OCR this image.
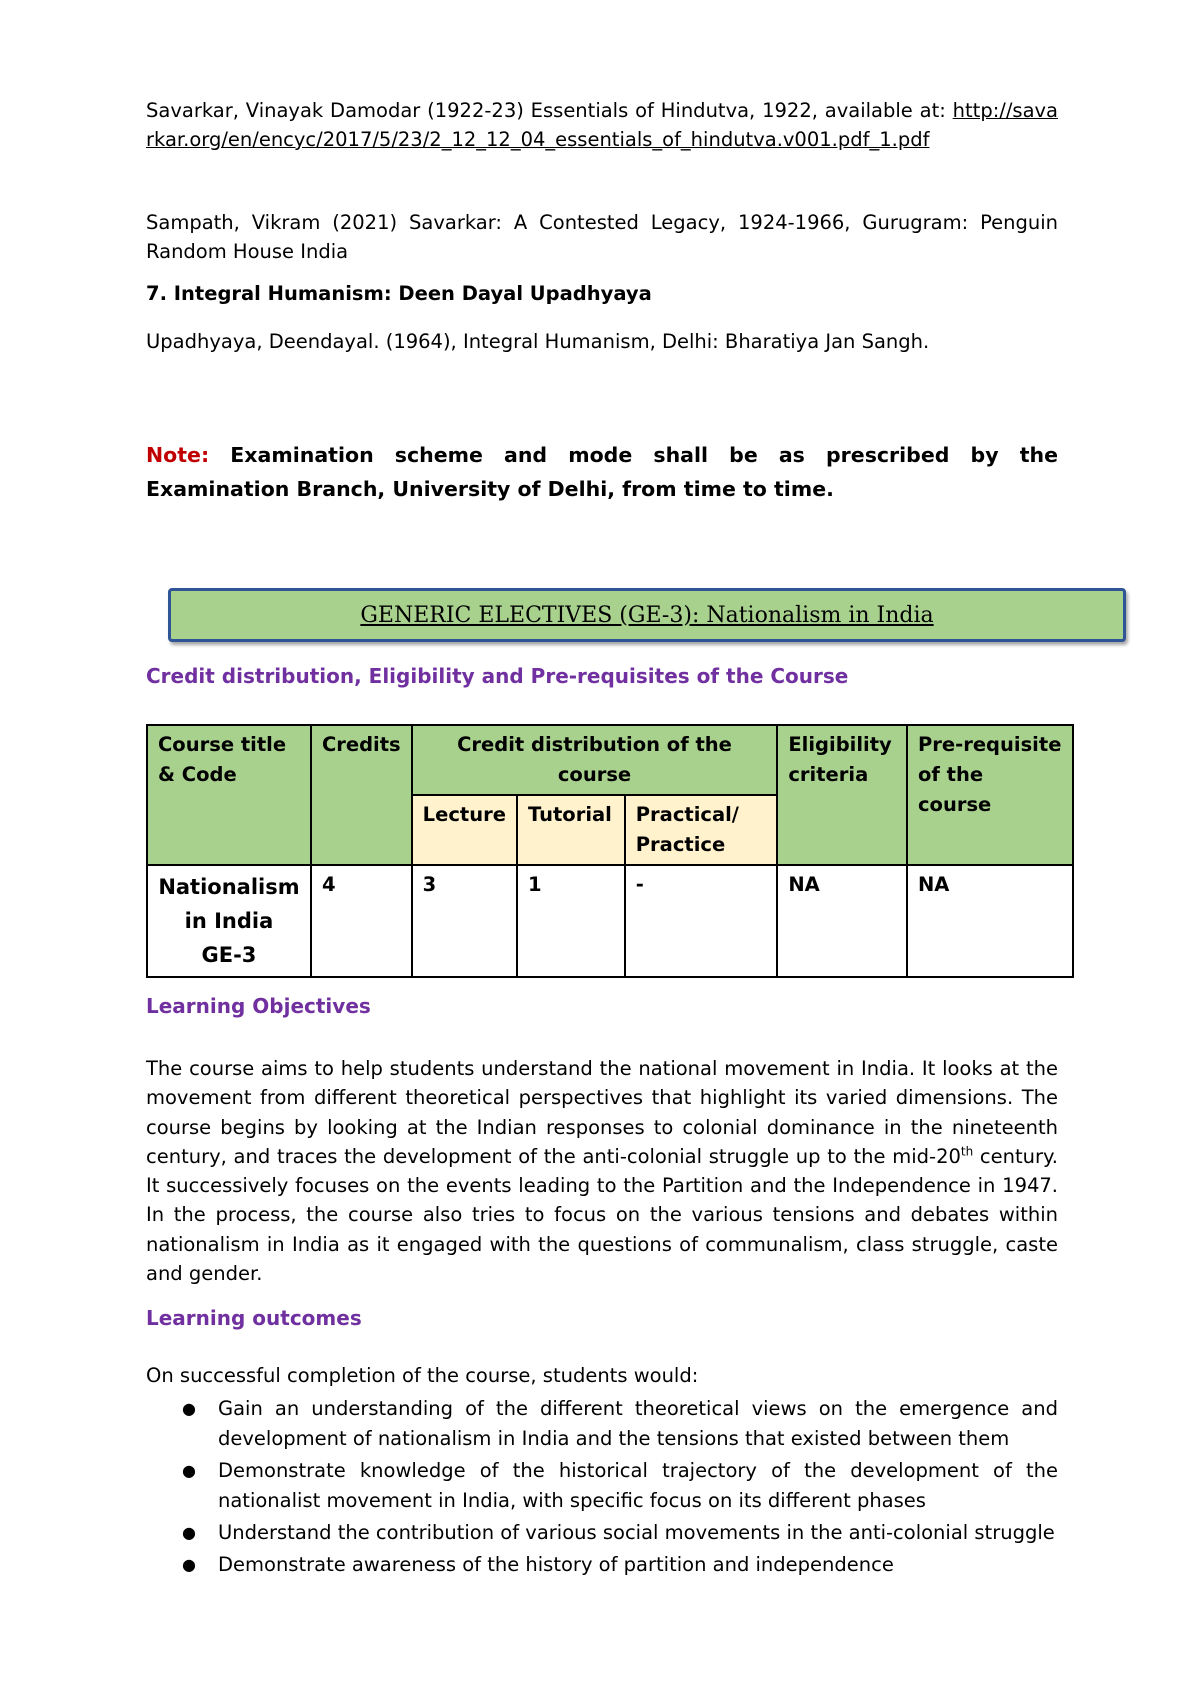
Savarkar, Vinayak Damodar (1922-23) Essentials of Hindutva, 1922, available at: http://savarkar.org/en/encyc/2017/5/23/2_12_12_04_essentials_of_hindutva.v001.pdf_1.pdf

Sampath, Vikram (2021) Savarkar: A Contested Legacy, 1924-1966, Gurugram: Penguin Random House India

7. Integral Humanism: Deen Dayal Upadhyaya

Upadhyaya, Deendayal. (1964), Integral Humanism, Delhi: Bharatiya Jan Sangh.

Note: Examination scheme and mode shall be as prescribed by the Examination Branch, University of Delhi, from time to time.

GENERIC ELECTIVES (GE-3): Nationalism in India

Credit distribution, Eligibility and Pre-requisites of the Course

Course title & Code	Credits	Credit distribution of the course			Eligibility criteria	Pre-requisite of the course
		Lecture	Tutorial	Practical/ Practice		
Nationalism
in India
GE-3	4	3	1	-	NA	NA

Learning Objectives

The course aims to help students understand the national movement in India. It looks at the movement from different theoretical perspectives that highlight its varied dimensions. The course begins by looking at the Indian responses to colonial dominance in the nineteenth century, and traces the development of the anti-colonial struggle up to the mid-20th century. It successively focuses on the events leading to the Partition and the Independence in 1947. In the process, the course also tries to focus on the various tensions and debates within nationalism in India as it engaged with the questions of communalism, class struggle, caste and gender.

Learning outcomes

On successful completion of the course, students would:

● Gain an understanding of the different theoretical views on the emergence and development of nationalism in India and the tensions that existed between them
● Demonstrate knowledge of the historical trajectory of the development of the nationalist movement in India, with specific focus on its different phases
● Understand the contribution of various social movements in the anti-colonial struggle
● Demonstrate awareness of the history of partition and independence
